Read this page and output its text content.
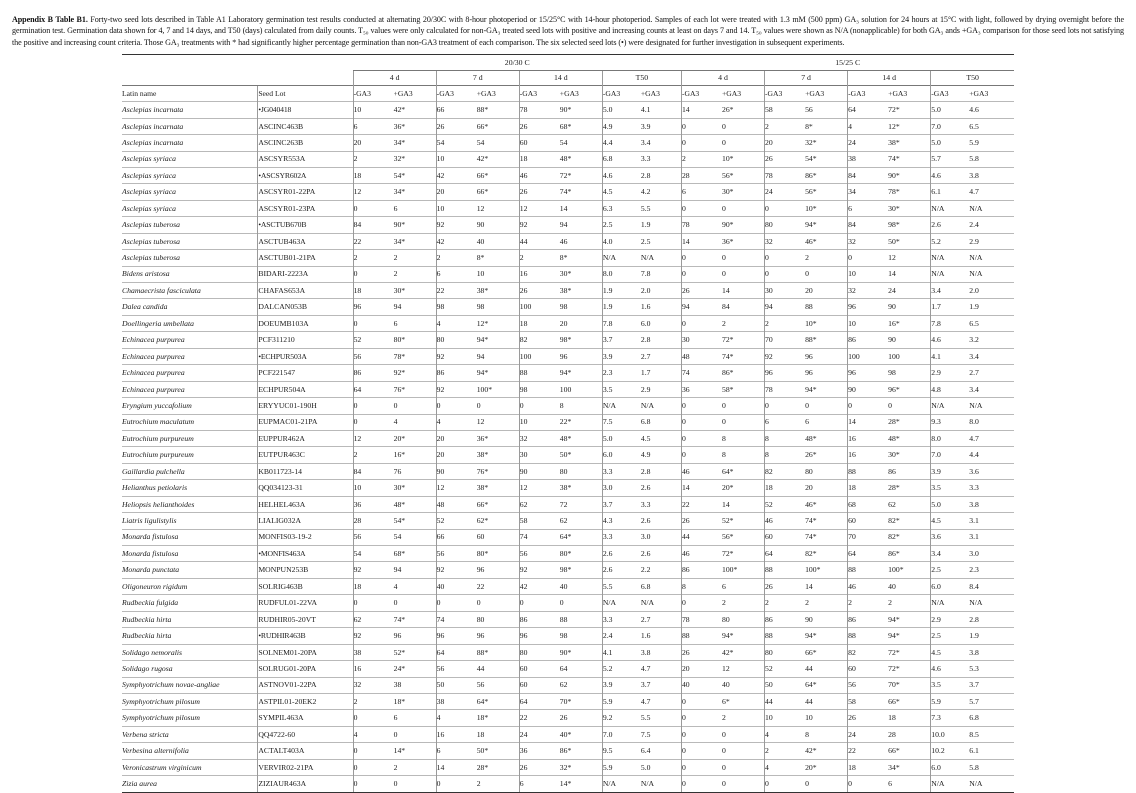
Appendix B Table B1. Forty-two seed lots described in Table A1 Laboratory germination test results conducted at alternating 20/30C with 8-hour photoperiod or 15/25°C with 14-hour photoperiod. Samples of each lot were treated with 1.3 mM (500 ppm) GA₃ solution for 24 hours at 15°C with light, followed by drying overnight before the germination test. Germination data shown for 4, 7 and 14 days, and T50 (days) calculated from daily counts. T₅₀ values were only calculated for non-GA₃ treated seed lots with positive and increasing counts at least on days 7 and 14. T₅₀ values were shown as N/A (nonapplicable) for both GA₃ ands +GA₃ comparison for those seed lots not satisfying the positive and increasing count criteria. Those GA₃ treatments with * had significantly higher percentage germination than non-GA3 treatment of each comparison. The six selected seed lots (•) were designated for further investigation in subsequent experiments.

		20/30 C								15/25 C							
		4 d		7 d		14 d		T50		4 d		7 d		14 d		T50	
Latin name	Seed Lot	-GA3	+GA3	-GA3	+GA3	-GA3	+GA3	-GA3	+GA3	-GA3	+GA3	-GA3	+GA3	-GA3	+GA3	-GA3	+GA3
Asclepias incarnata	•JG040418	10	42*	66	88*	78	90*	5.0	4.1	14	26*	58	56	64	72*	5.0	4.6
Asclepias incarnata	ASCINC463B	6	36*	26	66*	26	68*	4.9	3.9	0	0	2	8*	4	12*	7.0	6.5
Asclepias incarnata	ASCINC263B	20	34*	54	54	60	54	4.4	3.4	0	0	20	32*	24	38*	5.0	5.9
Asclepias syriaca	ASCSYR553A	2	32*	10	42*	18	48*	6.8	3.3	2	10*	26	54*	38	74*	5.7	5.8
Asclepias syriaca	•ASCSYR602A	18	54*	42	66*	46	72*	4.6	2.8	28	56*	78	86*	84	90*	4.6	3.8
Asclepias syriaca	ASCSYR01-22PA	12	34*	20	66*	26	74*	4.5	4.2	6	30*	24	56*	34	78*	6.1	4.7
Asclepias syriaca	ASCSYR01-23PA	0	6	10	12	12	14	6.3	5.5	0	0	0	10*	6	30*	N/A	N/A
Asclepias tuberosa	•ASCTUB670B	84	90*	92	90	92	94	2.5	1.9	78	90*	80	94*	84	98*	2.6	2.4
Asclepias tuberosa	ASCTUB463A	22	34*	42	40	44	46	4.0	2.5	14	36*	32	46*	32	50*	5.2	2.9
Asclepias tuberosa	ASCTUB01-21PA	2	2	2	8*	2	8*	N/A	N/A	0	0	0	2	0	12	N/A	N/A
Bidens aristosa	BIDARI-2223A	0	2	6	10	16	30*	8.0	7.8	0	0	0	0	10	14	N/A	N/A
Chamaecrista fasciculata	CHAFAS653A	18	30*	22	38*	26	38*	1.9	2.0	26	14	30	20	32	24	3.4	2.0
Dalea candida	DALCAN053B	96	94	98	98	100	98	1.9	1.6	94	84	94	88	96	90	1.7	1.9
Doellingeria umbellata	DOEUMB103A	0	6	4	12*	18	20	7.8	6.0	0	2	2	10*	10	16*	7.8	6.5
Echinacea purpurea	PCF311210	52	80*	80	94*	82	98*	3.7	2.8	30	72*	70	88*	86	90	4.6	3.2
Echinacea purpurea	•ECHPUR503A	56	78*	92	94	100	96	3.9	2.7	48	74*	92	96	100	100	4.1	3.4
Echinacea purpurea	PCF221547	86	92*	86	94*	88	94*	2.3	1.7	74	86*	96	96	96	98	2.9	2.7
Echinacea purpurea	ECHPUR504A	64	76*	92	100*	98	100	3.5	2.9	36	58*	78	94*	90	96*	4.8	3.4
Eryngium yuccafolium	ERYYUC01-190H	0	0	0	0	0	8	N/A	N/A	0	0	0	0	0	0	N/A	N/A
Eutrochium maculatum	EUPMAC01-21PA	0	4	4	12	10	22*	7.5	6.8	0	0	6	6	14	28*	9.3	8.0
Eutrochium purpureum	EUPPUR462A	12	20*	20	36*	32	48*	5.0	4.5	0	8	8	48*	16	48*	8.0	4.7
Eutrochium purpureum	EUTPUR463C	2	16*	20	38*	30	50*	6.0	4.9	0	8	8	26*	16	30*	7.0	4.4
Gaillardia pulchella	KB011723-14	84	76	90	76*	90	80	3.3	2.8	46	64*	82	80	88	86	3.9	3.6
Helianthus petiolaris	QQ034123-31	10	30*	12	38*	12	38*	3.0	2.6	14	20*	18	20	18	28*	3.5	3.3
Heliopsis helianthoides	HELHEL463A	36	48*	48	66*	62	72	3.7	3.3	22	14	52	46*	68	62	5.0	3.8
Liatris ligulistylis	LIALIG032A	28	54*	52	62*	58	62	4.3	2.6	26	52*	46	74*	60	82*	4.5	3.1
Monarda fistulosa	MONFIS03-19-2	56	54	66	60	74	64*	3.3	3.0	44	56*	60	74*	70	82*	3.6	3.1
Monarda fistulosa	•MONFIS463A	54	68*	56	80*	56	80*	2.6	2.6	46	72*	64	82*	64	86*	3.4	3.0
Monarda punctata	MONPUN253B	92	94	92	96	92	98*	2.6	2.2	86	100*	88	100*	88	100*	2.5	2.3
Oligoneuron rigidum	SOLRIG463B	18	4	40	22	42	40	5.5	6.8	8	6	26	14	46	40	6.0	8.4
Rudbeckia fulgida	RUDFUL01-22VA	0	0	0	0	0	0	N/A	N/A	0	2	2	2	2	2	N/A	N/A
Rudbeckia hirta	RUDHIR05-20VT	62	74*	74	80	86	88	3.3	2.7	78	80	86	90	86	94*	2.9	2.8
Rudbeckia hirta	•RUDHIR463B	92	96	96	96	96	98	2.4	1.6	88	94*	88	94*	88	94*	2.5	1.9
Solidago nemoralis	SOLNEM01-20PA	38	52*	64	88*	80	90*	4.1	3.8	26	42*	80	66*	82	72*	4.5	3.8
Solidago rugosa	SOLRUG01-20PA	16	24*	56	44	60	64	5.2	4.7	20	12	52	44	60	72*	4.6	5.3
Symphyotrichum novae-angliae	ASTNOV01-22PA	32	38	50	56	60	62	3.9	3.7	40	40	50	64*	56	70*	3.5	3.7
Symphyotrichum pilosum	ASTPIL01-20EK2	2	18*	38	64*	64	70*	5.9	4.7	0	6*	44	44	58	66*	5.9	5.7
Symphyotrichum pilosum	SYMPIL463A	0	6	4	18*	22	26	9.2	5.5	0	2	10	10	26	18	7.3	6.8
Verbena stricta	QQ4722-60	4	0	16	18	24	40*	7.0	7.5	0	0	4	8	24	28	10.0	8.5
Verbesina alternifolia	ACTALT403A	0	14*	6	50*	36	86*	9.5	6.4	0	0	2	42*	22	66*	10.2	6.1
Veronicastrum virginicum	VERVIR02-21PA	0	2	14	28*	26	32*	5.9	5.0	0	0	4	20*	18	34*	6.0	5.8
Zizia aurea	ZIZIAUR463A	0	0	0	2	6	14*	N/A	N/A	0	0	0	0	0	6	N/A	N/A
